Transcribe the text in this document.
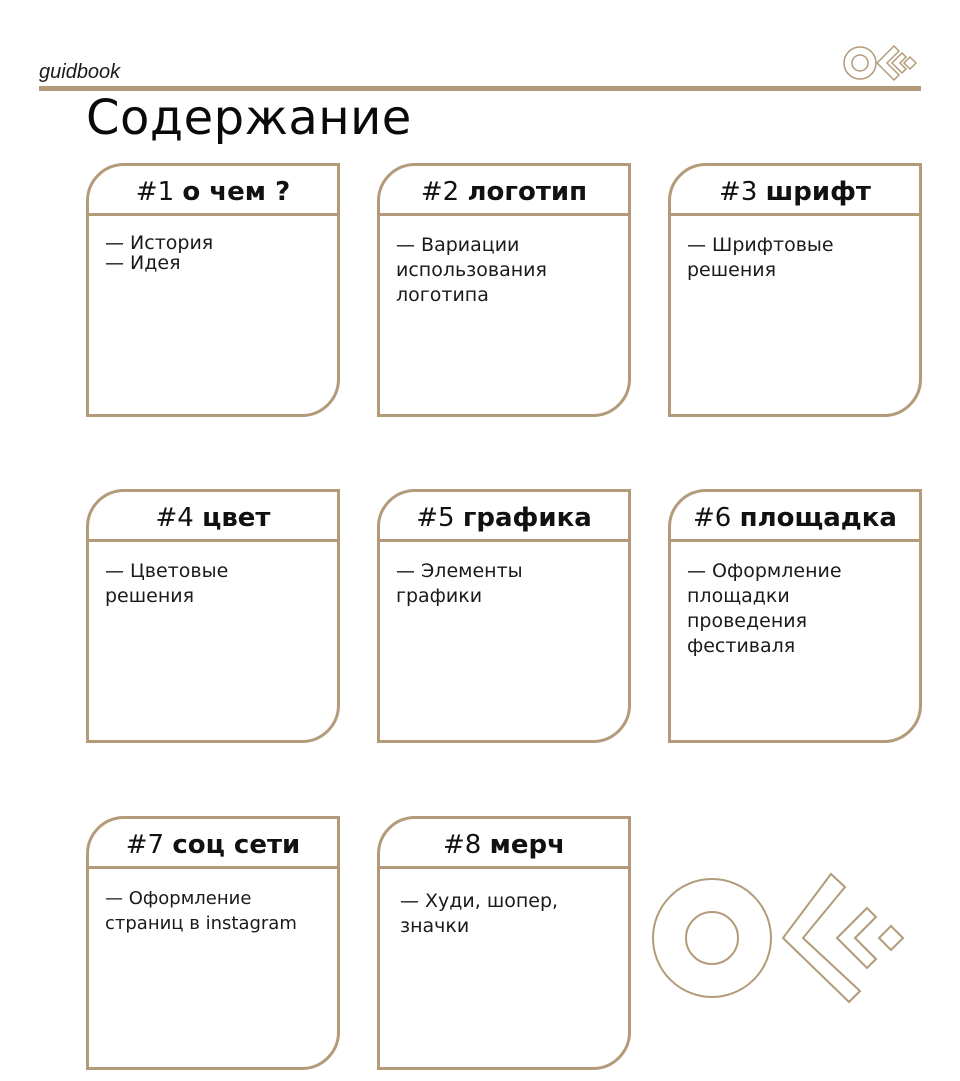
guidbook
Содержание
#1 о чем ?
— История
— Идея
#2 логотип
— Вариации
использования
логотипа
#3 шрифт
— Шрифтовые
решения
#4 цвет
— Цветовые
решения
#5 графика
— Элементы
графики
#6 площадка
— Оформление
площадки
проведения
фестиваля
#7 соц сети
— Оформление
страниц в instagram
#8 мерч
— Худи, шопер,
значки
